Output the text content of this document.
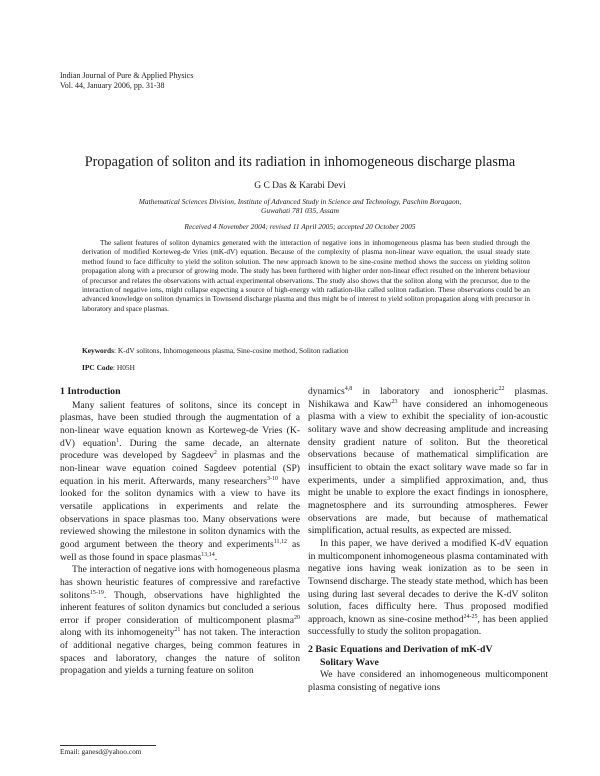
Indian Journal of Pure & Applied Physics
Vol. 44, January 2006, pp. 31-38
Propagation of soliton and its radiation in inhomogeneous discharge plasma
G C Das & Karabi Devi
Mathematical Sciences Division, Institute of Advanced Study in Science and Technology, Paschim Boragaon,
Guwahati 781 035, Assam
Received 4 November 2004; revised 11 April 2005; accepted 20 October 2005
The salient features of soliton dynamics generated with the interaction of negative ions in inhomogeneous plasma has been studied through the derivation of modified Korteweg-de Vries (mK-dV) equation. Because of the complexity of plasma non-linear wave equation, the usual steady state method found to face difficulty to yield the soliton solution. The new approach known to be sine-cosine method shows the success on yielding soliton propagation along with a precursor of growing mode. The study has been furthered with higher order non-linear effect resulted on the inherent behaviour of precursor and relates the observations with actual experimental observations. The study also shows that the soliton along with the precursor, due to the interaction of negative ions, might collapse expecting a source of high-energy with radiation-like called soliton radiation. These observations could be an advanced knowledge on soliton dynamics in Townsend discharge plasma and thus might be of interest to yield soliton propagation along with precursor in laboratory and space plasmas.
Keywords: K-dV solitons, Inhomogeneous plasma, Sine-cosine method, Soliton radiation
IPC Code: H05H
1 Introduction

Many salient features of solitons, since its concept in plasmas, have been studied through the augmentation of a non-linear wave equation known as Korteweg-de Vries (K-dV) equation$^1$. During the same decade, an alternate procedure was developed by Sagdeev$^2$ in plasmas and the non-linear wave equation coined Sagdeev potential (SP) equation in his merit. Afterwards, many researchers$^{3-10}$ have looked for the soliton dynamics with a view to have its versatile applications in experiments and relate the observations in space plasmas too. Many observations were reviewed showing the milestone in soliton dynamics with the good argument between the theory and experiments$^{11,12}$ as well as those found in space plasmas$^{13,14}$.

The interaction of negative ions with homogeneous plasma has shown heuristic features of compressive and rarefactive solitons$^{15-19}$. Though, observations have highlighted the inherent features of soliton dynamics but concluded a serious error if proper consideration of multicomponent plasma$^{20}$ along with its inhomogeneity$^{21}$ has not taken. The interaction of additional negative charges, being common features in spaces and laboratory, changes the nature of soliton propagation and yields a turning feature on soliton

dynamics$^{4,8}$ in laboratory and ionospheric$^{22}$ plasmas. Nishikawa and Kaw$^{23}$ have considered an inhomogeneous plasma with a view to exhibit the speciality of ion-acoustic solitary wave and show decreasing amplitude and increasing density gradient nature of soliton. But the theoretical observations because of mathematical simplification are insufficient to obtain the exact solitary wave made so far in experiments, under a simplified approximation, and, thus might be unable to explore the exact findings in ionosphere, magnetosphere and its surrounding atmospheres. Fewer observations are made, but because of mathematical simplification, actual results, as expected are missed.

In this paper, we have derived a modified K-dV equation in multicomponent inhomogeneous plasma contaminated with negative ions having weak ionization as to be seen in Townsend discharge. The steady state method, which has been using during last several decades to derive the K-dV soliton solution, faces difficulty here. Thus proposed modified approach, known as sine-cosine method$^{24-25}$, has been applied successfully to study the soliton propagation.

2 Basic Equations and Derivation of mK-dV
Solitary Wave

We have considered an inhomogeneous multicomponent plasma consisting of negative ions

Email: ganesd@yahoo.com
